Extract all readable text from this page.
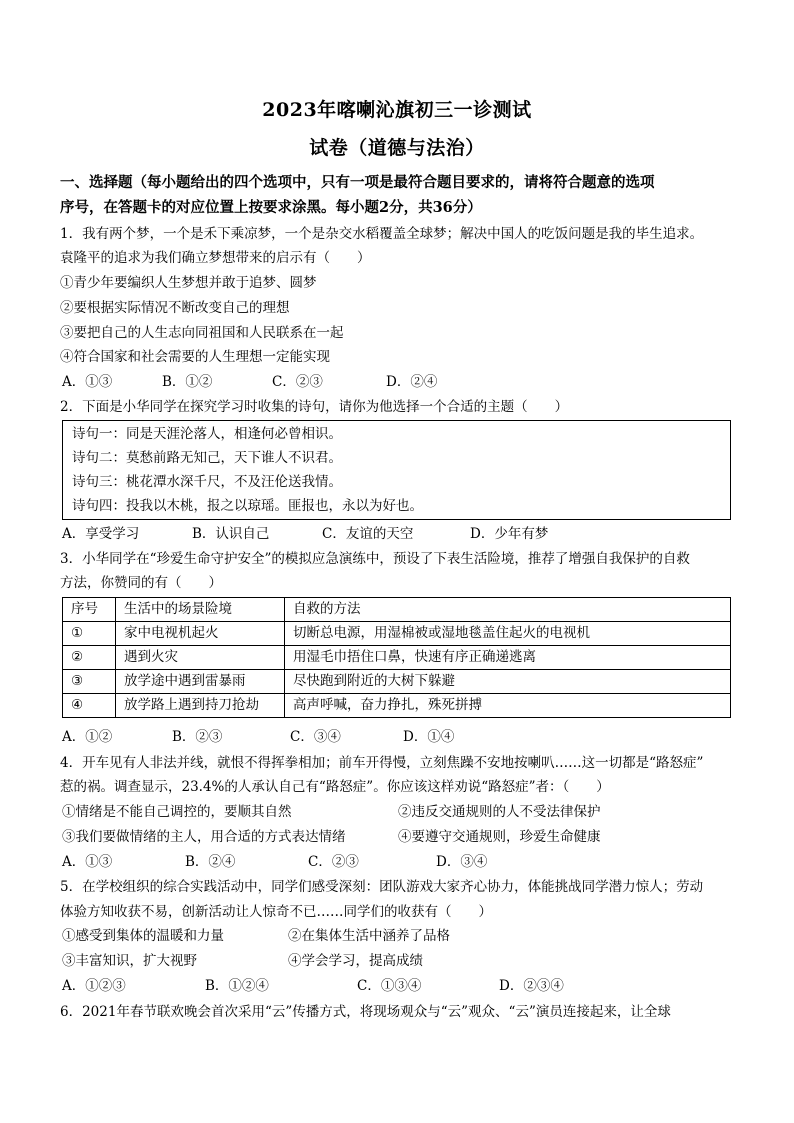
2023年喀喇沁旗初三一诊测试
试卷（道德与法治）
一、选择题（每小题给出的四个选项中，只有一项是最符合题目要求的，请将符合题意的选项
序号，在答题卡的对应位置上按要求涂黑。每小题2分，共36分）
1．我有两个梦，一个是禾下乘凉梦，一个是杂交水稻覆盖全球梦；解决中国人的吃饭问题是我的毕生追求。
袁隆平的追求为我们确立梦想带来的启示有（　　）
①青少年要编织人生梦想并敢于追梦、圆梦
②要根据实际情况不断改变自己的理想
③要把自己的人生志向同祖国和人民联系在一起
④符合国家和社会需要的人生理想一定能实现
A．①③	B．①②	C．②③	D．②④
2．下面是小华同学在探究学习时收集的诗句，请你为他选择一个合适的主题（　　）
诗句一：同是天涯沦落人，相逢何必曾相识。
诗句二：莫愁前路无知己，天下谁人不识君。
诗句三：桃花潭水深千尺，不及汪伦送我情。
诗句四：投我以木桃，报之以琼瑶。匪报也，永以为好也。
A．享受学习	B．认识自己	C．友谊的天空	D．少年有梦
3．小华同学在“珍爱生命守护安全”的模拟应急演练中，预设了下表生活险境，推荐了增强自我保护的自救
方法，你赞同的有（　　）
序号	生活中的场景险境	自救的方法
①	家中电视机起火	切断总电源，用湿棉被或湿地毯盖住起火的电视机
②	遇到火灾	用湿毛巾捂住口鼻，快速有序正确递逃离
③	放学途中遇到雷暴雨	尽快跑到附近的大树下躲避
④	放学路上遇到持刀抢劫	高声呼喊，奋力挣扎，殊死拼搏
A．①②	B．②③	C．③④	D．①④
4．开车见有人非法并线，就恨不得挥拳相加；前车开得慢，立刻焦躁不安地按喇叭……这一切都是“路怒症”
惹的祸。调查显示，23.4%的人承认自己有“路怒症”。你应该这样劝说“路怒症”者：（　　）
①情绪是不能自己调控的，要顺其自然	②违反交通规则的人不受法律保护
③我们要做情绪的主人，用合适的方式表达情绪	④要遵守交通规则，珍爱生命健康
A．①③	B．②④	C．②③	D．③④
5．在学校组织的综合实践活动中，同学们感受深刻：团队游戏大家齐心协力，体能挑战同学潜力惊人；劳动
体验方知收获不易，创新活动让人惊奇不已……同学们的收获有（　　）
①感受到集体的温暖和力量	②在集体生活中涵养了品格
③丰富知识，扩大视野	④学会学习，提高成绩
A．①②③	B．①②④	C．①③④	D．②③④
6．2021年春节联欢晚会首次采用“云”传播方式，将现场观众与“云”观众、“云”演员连接起来，让全球
